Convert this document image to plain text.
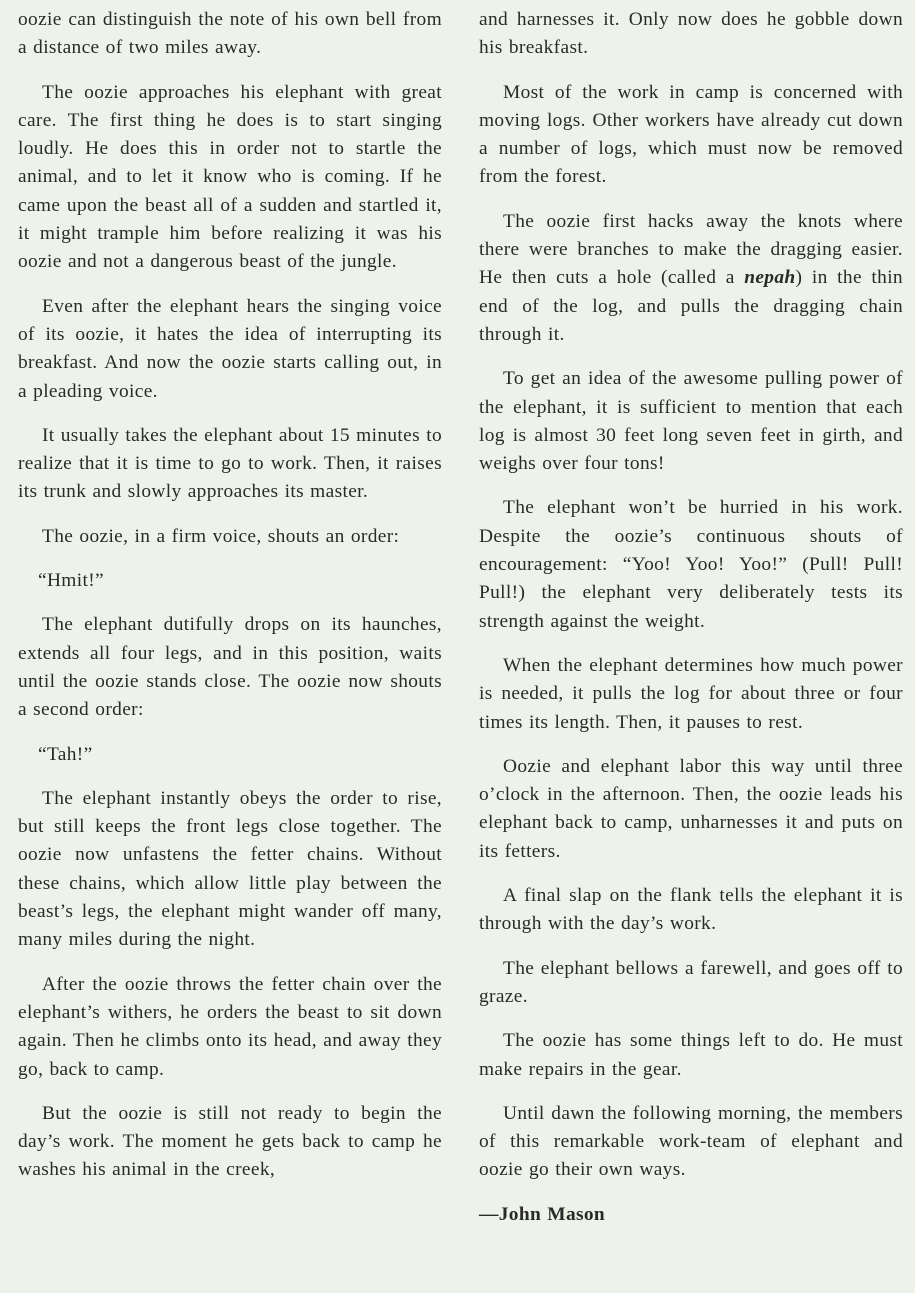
oozie can distinguish the note of his own bell from a distance of two miles away.

The oozie approaches his elephant with great care. The first thing he does is to start singing loudly. He does this in order not to startle the animal, and to let it know who is coming. If he came upon the beast all of a sudden and startled it, it might trample him before realizing it was his oozie and not a dangerous beast of the jungle.

Even after the elephant hears the singing voice of its oozie, it hates the idea of interrupting its breakfast. And now the oozie starts calling out, in a pleading voice.

It usually takes the elephant about 15 minutes to realize that it is time to go to work. Then, it raises its trunk and slowly approaches its master.

The oozie, in a firm voice, shouts an order:

“Hmit!”

The elephant dutifully drops on its haunches, extends all four legs, and in this position, waits until the oozie stands close. The oozie now shouts a second order:

“Tah!”

The elephant instantly obeys the order to rise, but still keeps the front legs close together. The oozie now unfastens the fetter chains. Without these chains, which allow little play between the beast’s legs, the elephant might wander off many, many miles during the night.

After the oozie throws the fetter chain over the elephant’s withers, he orders the beast to sit down again. Then he climbs onto its head, and away they go, back to camp.

But the oozie is still not ready to begin the day’s work. The moment he gets back to camp he washes his animal in the creek,

and harnesses it. Only now does he gobble down his breakfast.

Most of the work in camp is concerned with moving logs. Other workers have already cut down a number of logs, which must now be removed from the forest.

The oozie first hacks away the knots where there were branches to make the dragging easier. He then cuts a hole (called a nepah) in the thin end of the log, and pulls the dragging chain through it.

To get an idea of the awesome pulling power of the elephant, it is sufficient to mention that each log is almost 30 feet long seven feet in girth, and weighs over four tons!

The elephant won’t be hurried in his work. Despite the oozie’s continuous shouts of encouragement: “Yoo! Yoo! Yoo!” (Pull! Pull! Pull!) the elephant very deliberately tests its strength against the weight.

When the elephant determines how much power is needed, it pulls the log for about three or four times its length. Then, it pauses to rest.

Oozie and elephant labor this way until three o’clock in the afternoon. Then, the oozie leads his elephant back to camp, unharnesses it and puts on its fetters.

A final slap on the flank tells the elephant it is through with the day’s work.

The elephant bellows a farewell, and goes off to graze.

The oozie has some things left to do. He must make repairs in the gear.

Until dawn the following morning, the members of this remarkable work-team of elephant and oozie go their own ways.

—John Mason
